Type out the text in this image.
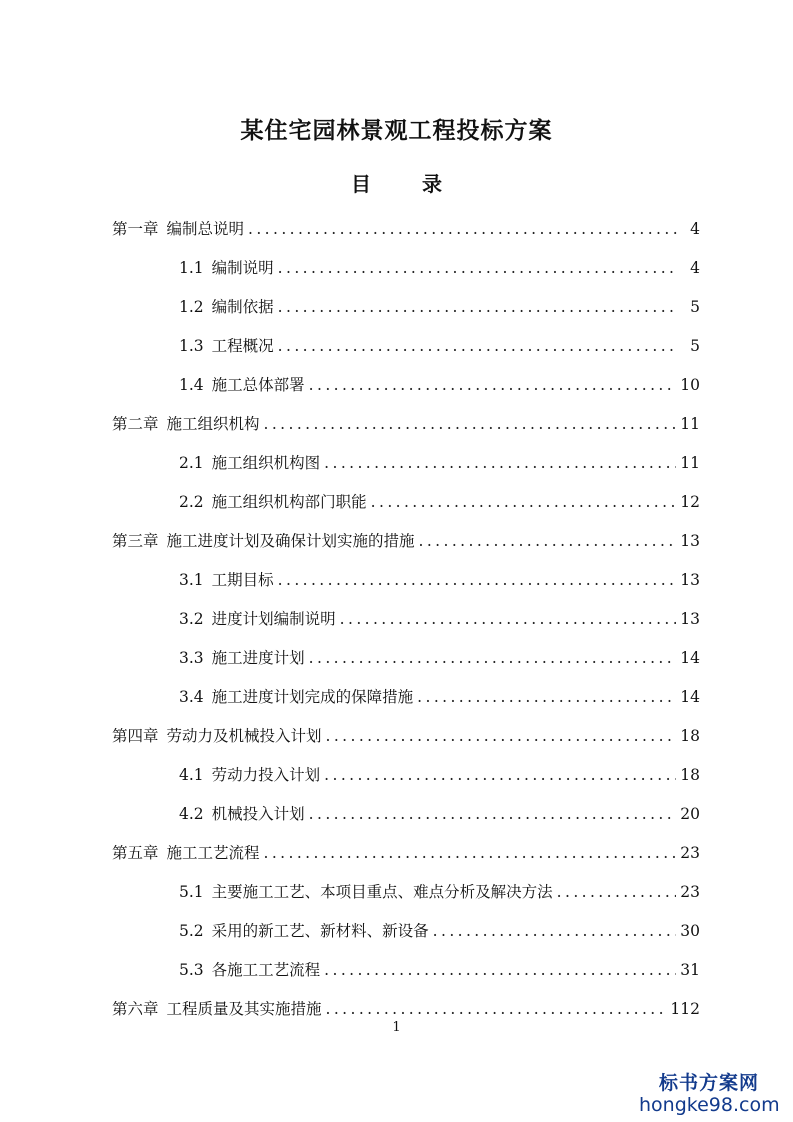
某住宅园林景观工程投标方案
目 录
第一章 编制总说明 .....	4
1.1 编制说明 .....	4
1.2 编制依据 .....	5
1.3 工程概况 .....	5
1.4 施工总体部署 .....	10
第二章 施工组织机构 .....	11
2.1 施工组织机构图 .....	11
2.2 施工组织机构部门职能 .....	12
第三章 施工进度计划及确保计划实施的措施 .....	13
3.1 工期目标 .....	13
3.2 进度计划编制说明 .....	13
3.3 施工进度计划 .....	14
3.4 施工进度计划完成的保障措施 .....	14
第四章 劳动力及机械投入计划 .....	18
4.1 劳动力投入计划 .....	18
4.2 机械投入计划 .....	20
第五章 施工工艺流程 .....	23
5.1 主要施工工艺、本项目重点、难点分析及解决方法 .....	23
5.2 采用的新工艺、新材料、新设备 .....	30
5.3 各施工工艺流程 .....	31
第六章 工程质量及其实施措施 .....	112
1
标书方案网
hongke98.com
